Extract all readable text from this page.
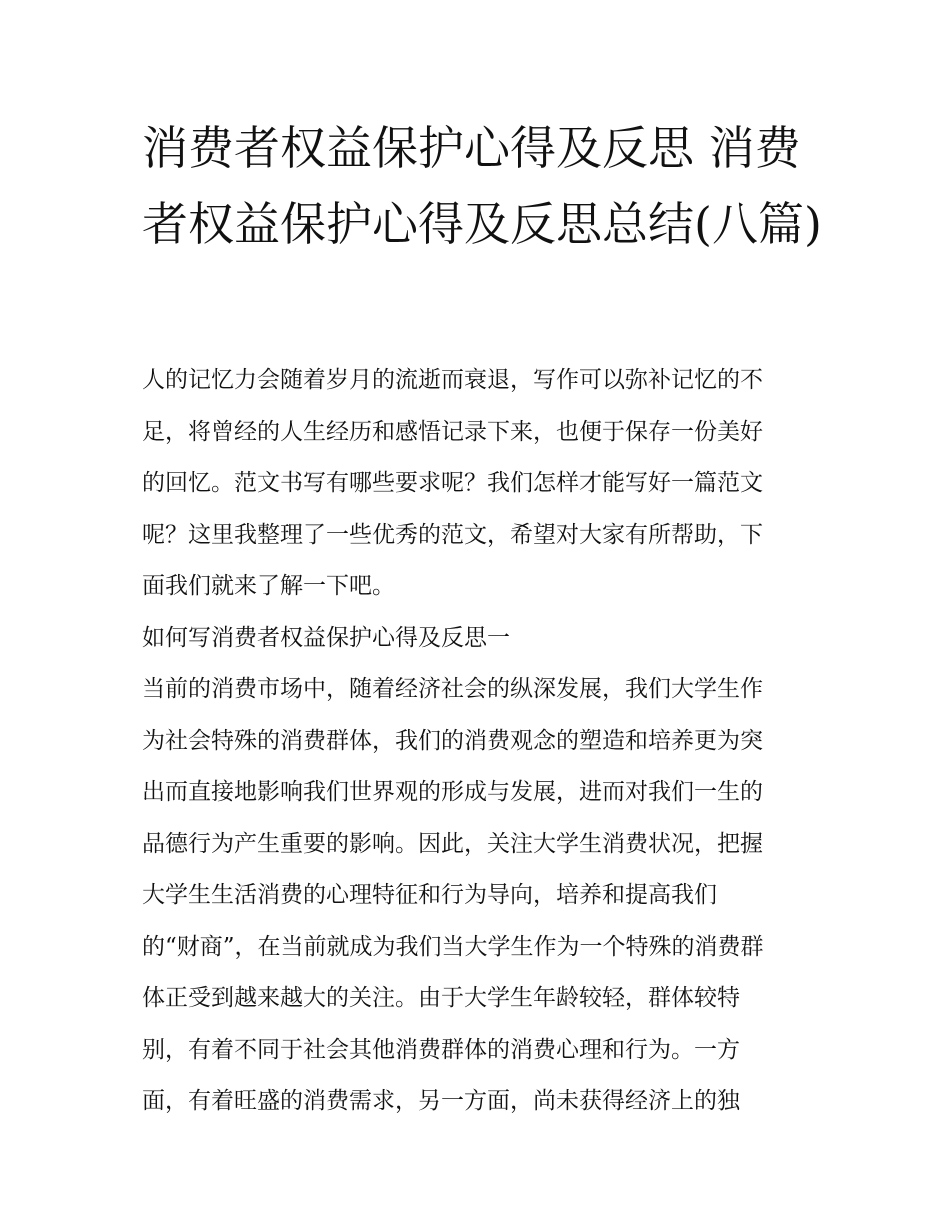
消费者权益保护心得及反思 消费者权益保护心得及反思总结(八篇)
人的记忆力会随着岁月的流逝而衰退，写作可以弥补记忆的不
足，将曾经的人生经历和感悟记录下来，也便于保存一份美好
的回忆。范文书写有哪些要求呢？我们怎样才能写好一篇范文
呢？这里我整理了一些优秀的范文，希望对大家有所帮助，下
面我们就来了解一下吧。
如何写消费者权益保护心得及反思一
当前的消费市场中，随着经济社会的纵深发展，我们大学生作
为社会特殊的消费群体，我们的消费观念的塑造和培养更为突
出而直接地影响我们世界观的形成与发展，进而对我们一生的
品德行为产生重要的影响。因此，关注大学生消费状况，把握
大学生生活消费的心理特征和行为导向，培养和提高我们
的“财商”，在当前就成为我们当大学生作为一个特殊的消费群
体正受到越来越大的关注。由于大学生年龄较轻，群体较特
别，有着不同于社会其他消费群体的消费心理和行为。一方
面，有着旺盛的消费需求，另一方面，尚未获得经济上的独
